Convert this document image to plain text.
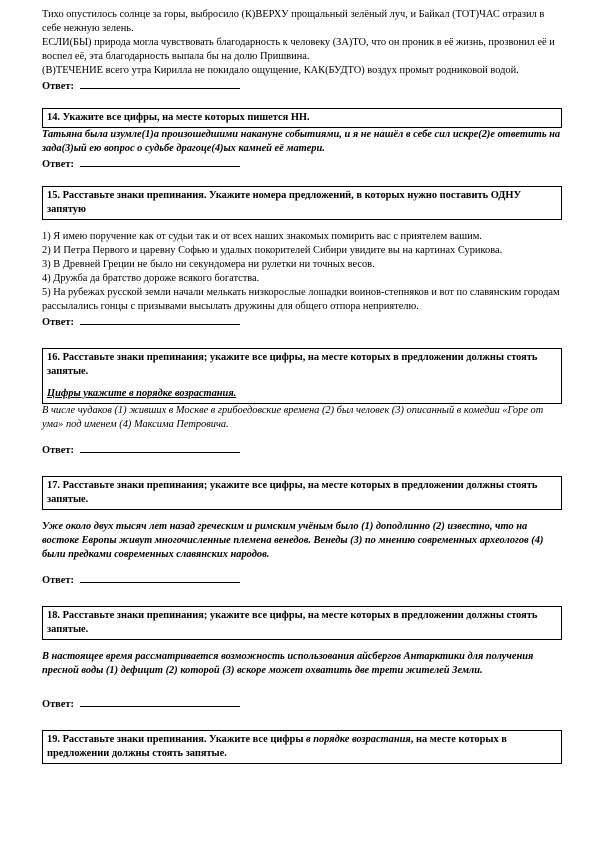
Тихо опустилось солнце за горы, выбросило (К)ВЕРХУ прощальный зелёный луч, и Байкал (ТОТ)ЧАС отразил в себе нежную зелень.

ЕСЛИ(БЫ) природа могла чувствовать благодарность к человеку (ЗА)ТО, что он проник в её жизнь, прозвонил её и воспел её, эта благодарность выпала бы на долю Пришвина.

(В)ТЕЧЕНИЕ всего утра Кирилла не покидало ощущение, КАК(БУДТО) воздух промыт родниковой водой.

Ответ:

14. Укажите все цифры, на месте которых пишется НН.

Татьяна была изумле(1)а произошедшими накануне событиями, и я не нашёл в себе сил искре(2)е ответить на зада(3)ый ею вопрос о судьбе драгоце(4)ых камней её матери.

Ответ:

15. Расставьте знаки препинания. Укажите номера предложений, в которых нужно поставить ОДНУ запятую

1) Я имею поручение как от судьи так и от всех наших знакомых помирить вас с приятелем вашим.

2) И Петра Первого и царевну Софью и удалых покорителей Сибири увидите вы на картинах Сурикова.

3) В Древней Греции не было ни секундомера ни рулетки ни точных весов.

4) Дружба да братство дороже всякого богатства.

5) На рубежах русской земли начали мелькать низкорослые лошадки воинов-степняков и вот по славянским городам рассылались гонцы с призывами высылать дружины для общего отпора неприятелю.

Ответ:

16. Расставьте знаки препинания; укажите все цифры, на месте которых в предложении должны стоять запятые.
Цифры укажите в порядке возрастания.

В числе чудаков (1) живших в Москве в грибоедовские времена (2) был человек (3) описанный в комедии «Горе от ума» под именем (4) Максима Петровича.

Ответ:

17. Расставьте знаки препинания; укажите все цифры, на месте которых в предложении должны стоять запятые.

Уже около двух тысяч лет назад греческим и римским учёным было (1) доподлинно (2) известно, что на востоке Европы живут многочисленные племена венедов. Венеды (3) по мнению современных археологов (4) были предками современных славянских народов.

Ответ:

18. Расставьте знаки препинания; укажите все цифры, на месте которых в предложении должны стоять запятые.

В настоящее время рассматривается возможность использования айсбергов Антарктики для получения пресной воды (1) дефицит (2) которой (3) вскоре может охватить две трети жителей Земли.

Ответ:

19. Расставьте знаки препинания. Укажите все цифры в порядке возрастания, на месте которых в предложении должны стоять запятые.
